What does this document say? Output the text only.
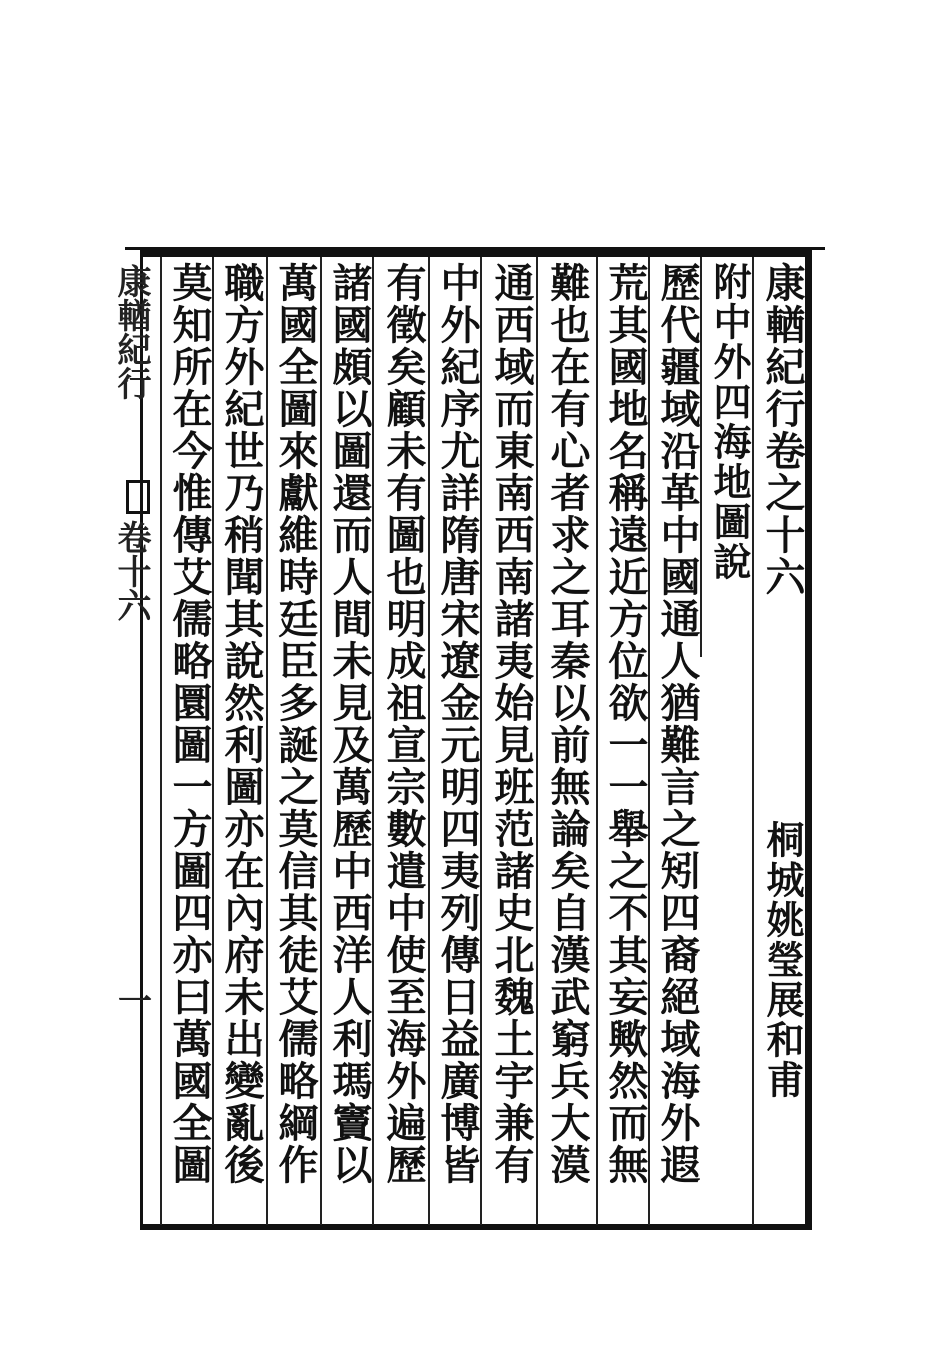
康輶紀行卷之十六
附中外四海地圖說
桐城姚瑩展和甫
歷代疆域沿革中國通人猶難言之矧四裔絕域海外遐
荒其國地名稱遠近方位欲一一舉之不其妄歟然而無
難也在有心者求之耳秦以前無論矣自漢武窮兵大漠
通西域而東南西南諸夷始見班范諸史北魏土宇兼有
中外紀序尤詳隋唐宋遼金元明四夷列傳日益廣博皆
有徵矣顧未有圖也明成祖宣宗數遣中使至海外遍歷
諸國頗以圖還而人間未見及萬歷中西洋人利瑪竇以
萬國全圖來獻維時廷臣多誕之莫信其徒艾儒略綱作
職方外紀世乃稍聞其說然利圖亦在內府未出變亂後
莫知所在今惟傳艾儒略圜圖一方圖四亦曰萬國全圖
康輶紀行
卷十六
一
